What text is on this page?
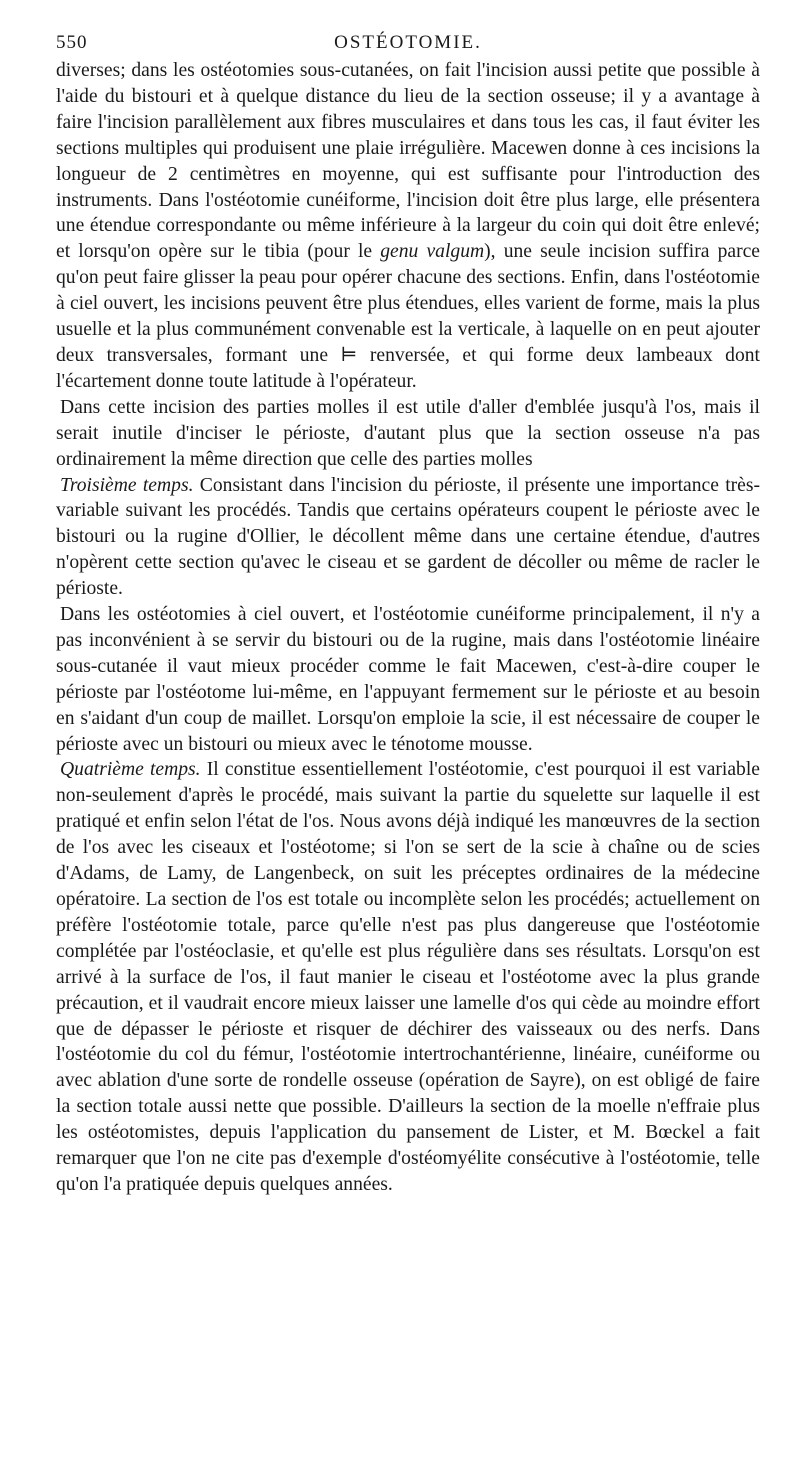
550	OSTÉOTOMIE.

diverses; dans les ostéotomies sous-cutanées, on fait l'incision aussi petite que possible à l'aide du bistouri et à quelque distance du lieu de la section osseuse; il y a avantage à faire l'incision parallèlement aux fibres musculaires et dans tous les cas, il faut éviter les sections multiples qui produisent une plaie irrégulière. Macewen donne à ces incisions la longueur de 2 centimètres en moyenne, qui est suffisante pour l'introduction des instruments. Dans l'ostéotomie cunéiforme, l'incision doit être plus large, elle présentera une étendue correspondante ou même inférieure à la largeur du coin qui doit être enlevé; et lorsqu'on opère sur le tibia (pour le genu valgum), une seule incision suffira parce qu'on peut faire glisser la peau pour opérer chacune des sections. Enfin, dans l'ostéotomie à ciel ouvert, les incisions peuvent être plus étendues, elles varient de forme, mais la plus usuelle et la plus communément convenable est la verticale, à laquelle on en peut ajouter deux transversales, formant une ⊨ renversée, et qui forme deux lambeaux dont l'écartement donne toute latitude à l'opérateur.

Dans cette incision des parties molles il est utile d'aller d'emblée jusqu'à l'os, mais il serait inutile d'inciser le périoste, d'autant plus que la section osseuse n'a pas ordinairement la même direction que celle des parties molles

Troisième temps. Consistant dans l'incision du périoste, il présente une importance très-variable suivant les procédés. Tandis que certains opérateurs coupent le périoste avec le bistouri ou la rugine d'Ollier, le décollent même dans une certaine étendue, d'autres n'opèrent cette section qu'avec le ciseau et se gardent de décoller ou même de racler le périoste.

Dans les ostéotomies à ciel ouvert, et l'ostéotomie cunéiforme principalement, il n'y a pas inconvénient à se servir du bistouri ou de la rugine, mais dans l'ostéotomie linéaire sous-cutanée il vaut mieux procéder comme le fait Macewen, c'est-à-dire couper le périoste par l'ostéotome lui-même, en l'appuyant fermement sur le périoste et au besoin en s'aidant d'un coup de maillet. Lorsqu'on emploie la scie, il est nécessaire de couper le périoste avec un bistouri ou mieux avec le ténotome mousse.

Quatrième temps. Il constitue essentiellement l'ostéotomie, c'est pourquoi il est variable non-seulement d'après le procédé, mais suivant la partie du squelette sur laquelle il est pratiqué et enfin selon l'état de l'os. Nous avons déjà indiqué les manœuvres de la section de l'os avec les ciseaux et l'ostéotome; si l'on se sert de la scie à chaîne ou de scies d'Adams, de Lamy, de Langenbeck, on suit les préceptes ordinaires de la médecine opératoire. La section de l'os est totale ou incomplète selon les procédés; actuellement on préfère l'ostéotomie totale, parce qu'elle n'est pas plus dangereuse que l'ostéotomie complétée par l'ostéoclasie, et qu'elle est plus régulière dans ses résultats. Lorsqu'on est arrivé à la surface de l'os, il faut manier le ciseau et l'ostéotome avec la plus grande précaution, et il vaudrait encore mieux laisser une lamelle d'os qui cède au moindre effort que de dépasser le périoste et risquer de déchirer des vaisseaux ou des nerfs. Dans l'ostéotomie du col du fémur, l'ostéotomie intertrochantérienne, linéaire, cunéiforme ou avec ablation d'une sorte de rondelle osseuse (opération de Sayre), on est obligé de faire la section totale aussi nette que possible. D'ailleurs la section de la moelle n'effraie plus les ostéotomistes, depuis l'application du pansement de Lister, et M. Bœckel a fait remarquer que l'on ne cite pas d'exemple d'ostéomyélite consécutive à l'ostéotomie, telle qu'on l'a pratiquée depuis quelques années.
